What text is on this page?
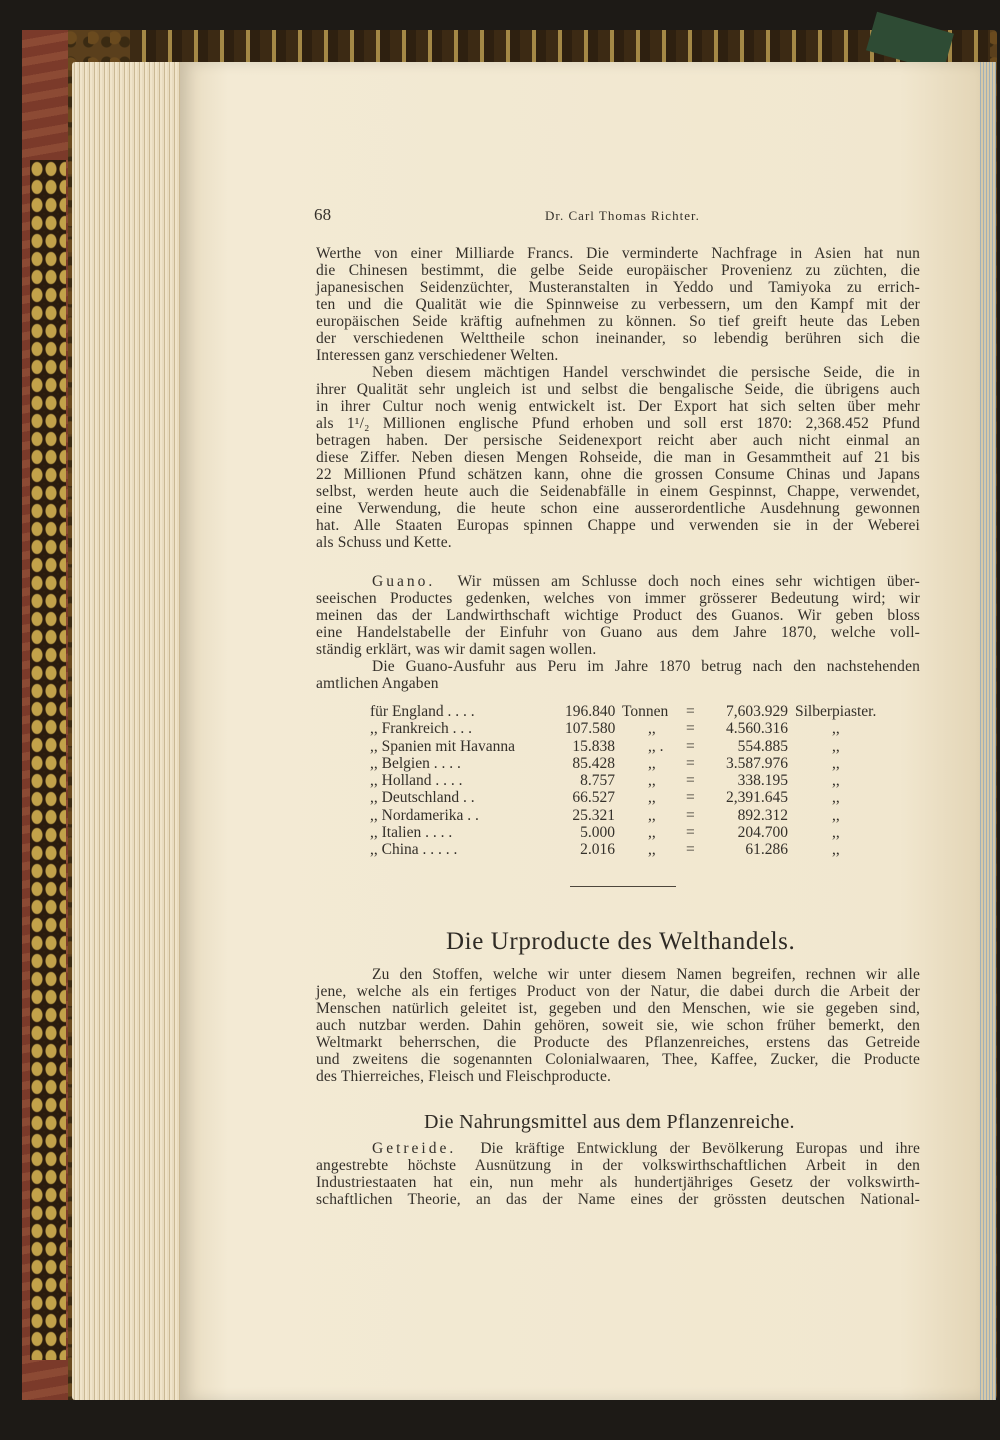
68	Dr. Carl Thomas Richter.
Werthe von einer Milliarde Francs. Die verminderte Nachfrage in Asien hat nun
die Chinesen bestimmt, die gelbe Seide europäischer Provenienz zu züchten, die
japanesischen Seidenzüchter, Musteranstalten in Yeddo und Tamiyoka zu errich-
ten und die Qualität wie die Spinnweise zu verbessern, um den Kampf mit der
europäischen Seide kräftig aufnehmen zu können. So tief greift heute das Leben
der verschiedenen Welttheile schon ineinander, so lebendig berühren sich die
Interessen ganz verschiedener Welten.
Neben diesem mächtigen Handel verschwindet die persische Seide, die in
ihrer Qualität sehr ungleich ist und selbst die bengalische Seide, die übrigens auch
in ihrer Cultur noch wenig entwickelt ist. Der Export hat sich selten über mehr
als 1¹/₂ Millionen englische Pfund erhoben und soll erst 1870: 2,368.452 Pfund
betragen haben. Der persische Seidenexport reicht aber auch nicht einmal an
diese Ziffer. Neben diesen Mengen Rohseide, die man in Gesammtheit auf 21 bis
22 Millionen Pfund schätzen kann, ohne die grossen Consume Chinas und Japans
selbst, werden heute auch die Seidenabfälle in einem Gespinnst, Chappe, verwendet,
eine Verwendung, die heute schon eine ausserordentliche Ausdehnung gewonnen
hat. Alle Staaten Europas spinnen Chappe und verwenden sie in der Weberei
als Schuss und Kette.
Guano. Wir müssen am Schlusse doch noch eines sehr wichtigen über-
seeischen Productes gedenken, welches von immer grösserer Bedeutung wird; wir
meinen das der Landwirthschaft wichtige Product des Guanos. Wir geben bloss
eine Handelstabelle der Einfuhr von Guano aus dem Jahre 1870, welche voll-
ständig erklärt, was wir damit sagen wollen.
Die Guano-Ausfuhr aus Peru im Jahre 1870 betrug nach den nachstehenden
amtlichen Angaben
für England . . . .	196.840 Tonnen =	7,603.929 Silberpiaster.
,, Frankreich . . .	107.580 ,, =	4.560.316	,,
,, Spanien mit Havanna	15.838 ,, . =	554.885	,,
,, Belgien . . . .	85.428 ,, =	3.587.976	,,
,, Holland . . . .	8.757 ,, =	338.195	,,
,, Deutschland . .	66.527 ,, =	2,391.645	,,
,, Nordamerika . .	25.321 ,, =	892.312	,,
,, Italien . . . .	5.000 ,, =	204.700	,,
,, China . . . . .	2.016 ,, =	61.286	,,
Die Urproducte des Welthandels.
Zu den Stoffen, welche wir unter diesem Namen begreifen, rechnen wir alle
jene, welche als ein fertiges Product von der Natur, die dabei durch die Arbeit der
Menschen natürlich geleitet ist, gegeben und den Menschen, wie sie gegeben sind,
auch nutzbar werden. Dahin gehören, soweit sie, wie schon früher bemerkt, den
Weltmarkt beherrschen, die Producte des Pflanzenreiches, erstens das Getreide
und zweitens die sogenannten Colonialwaaren, Thee, Kaffee, Zucker, die Producte
des Thierreiches, Fleisch und Fleischproducte.
Die Nahrungsmittel aus dem Pflanzenreiche.
Getreide. Die kräftige Entwicklung der Bevölkerung Europas und ihre
angestrebte höchste Ausnützung in der volkswirthschaftlichen Arbeit in den
Industriestaaten hat ein, nun mehr als hundertjähriges Gesetz der volkswirth-
schaftlichen Theorie, an das der Name eines der grössten deutschen National-
